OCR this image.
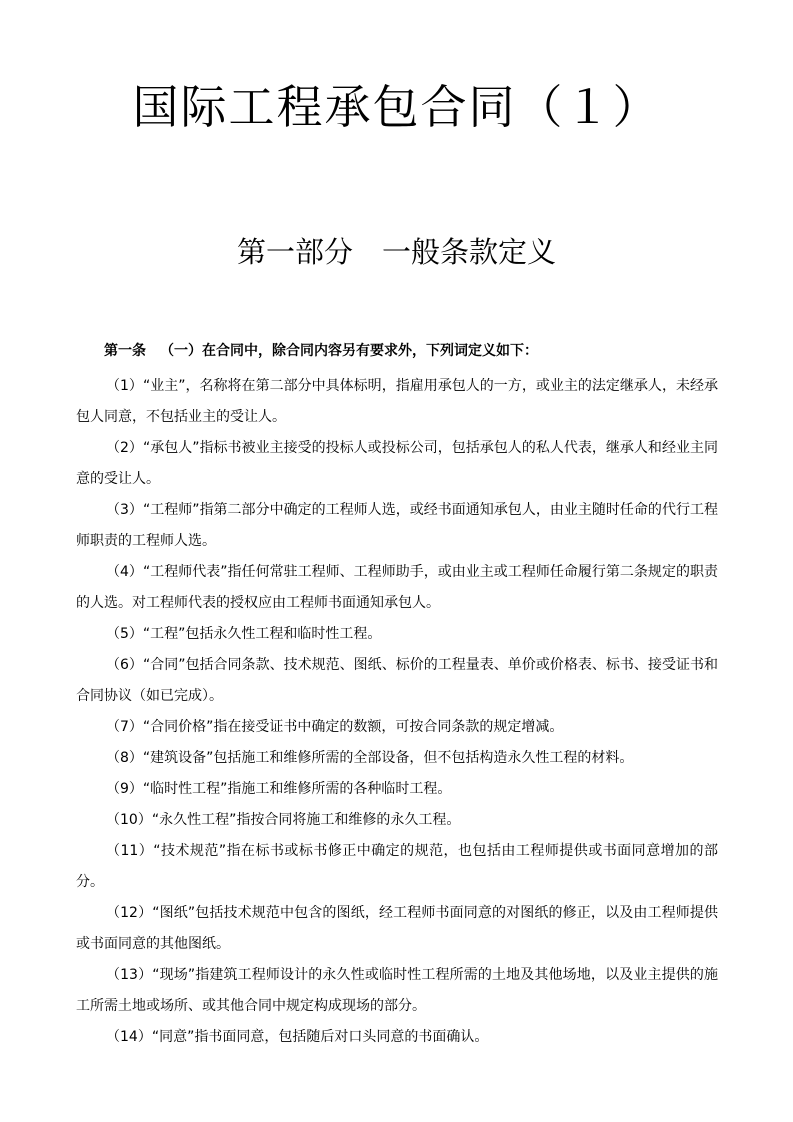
国际工程承包合同（１）
第一部分　一般条款定义

第一条 （一）在合同中，除合同内容另有要求外，下列词定义如下：

（1）“业主”，名称将在第二部分中具体标明，指雇用承包人的一方，或业主的法定继承人，未经承包人同意，不包括业主的受让人。

（2）“承包人”指标书被业主接受的投标人或投标公司，包括承包人的私人代表，继承人和经业主同意的受让人。

（3）“工程师”指第二部分中确定的工程师人选，或经书面通知承包人，由业主随时任命的代行工程师职责的工程师人选。

（4）“工程师代表”指任何常驻工程师、工程师助手，或由业主或工程师任命履行第二条规定的职责的人选。对工程师代表的授权应由工程师书面通知承包人。

（5）“工程”包括永久性工程和临时性工程。

（6）“合同”包括合同条款、技术规范、图纸、标价的工程量表、单价或价格表、标书、接受证书和合同协议（如已完成）。

（7）“合同价格”指在接受证书中确定的数额，可按合同条款的规定增减。

（8）“建筑设备”包括施工和维修所需的全部设备，但不包括构造永久性工程的材料。

（9）“临时性工程”指施工和维修所需的各种临时工程。

（10）“永久性工程”指按合同将施工和维修的永久工程。

（11）“技术规范”指在标书或标书修正中确定的规范，也包括由工程师提供或书面同意增加的部分。

（12）“图纸”包括技术规范中包含的图纸，经工程师书面同意的对图纸的修正，以及由工程师提供或书面同意的其他图纸。

（13）“现场”指建筑工程师设计的永久性或临时性工程所需的土地及其他场地，以及业主提供的施工所需土地或场所、或其他合同中规定构成现场的部分。

（14）“同意”指书面同意，包括随后对口头同意的书面确认。
